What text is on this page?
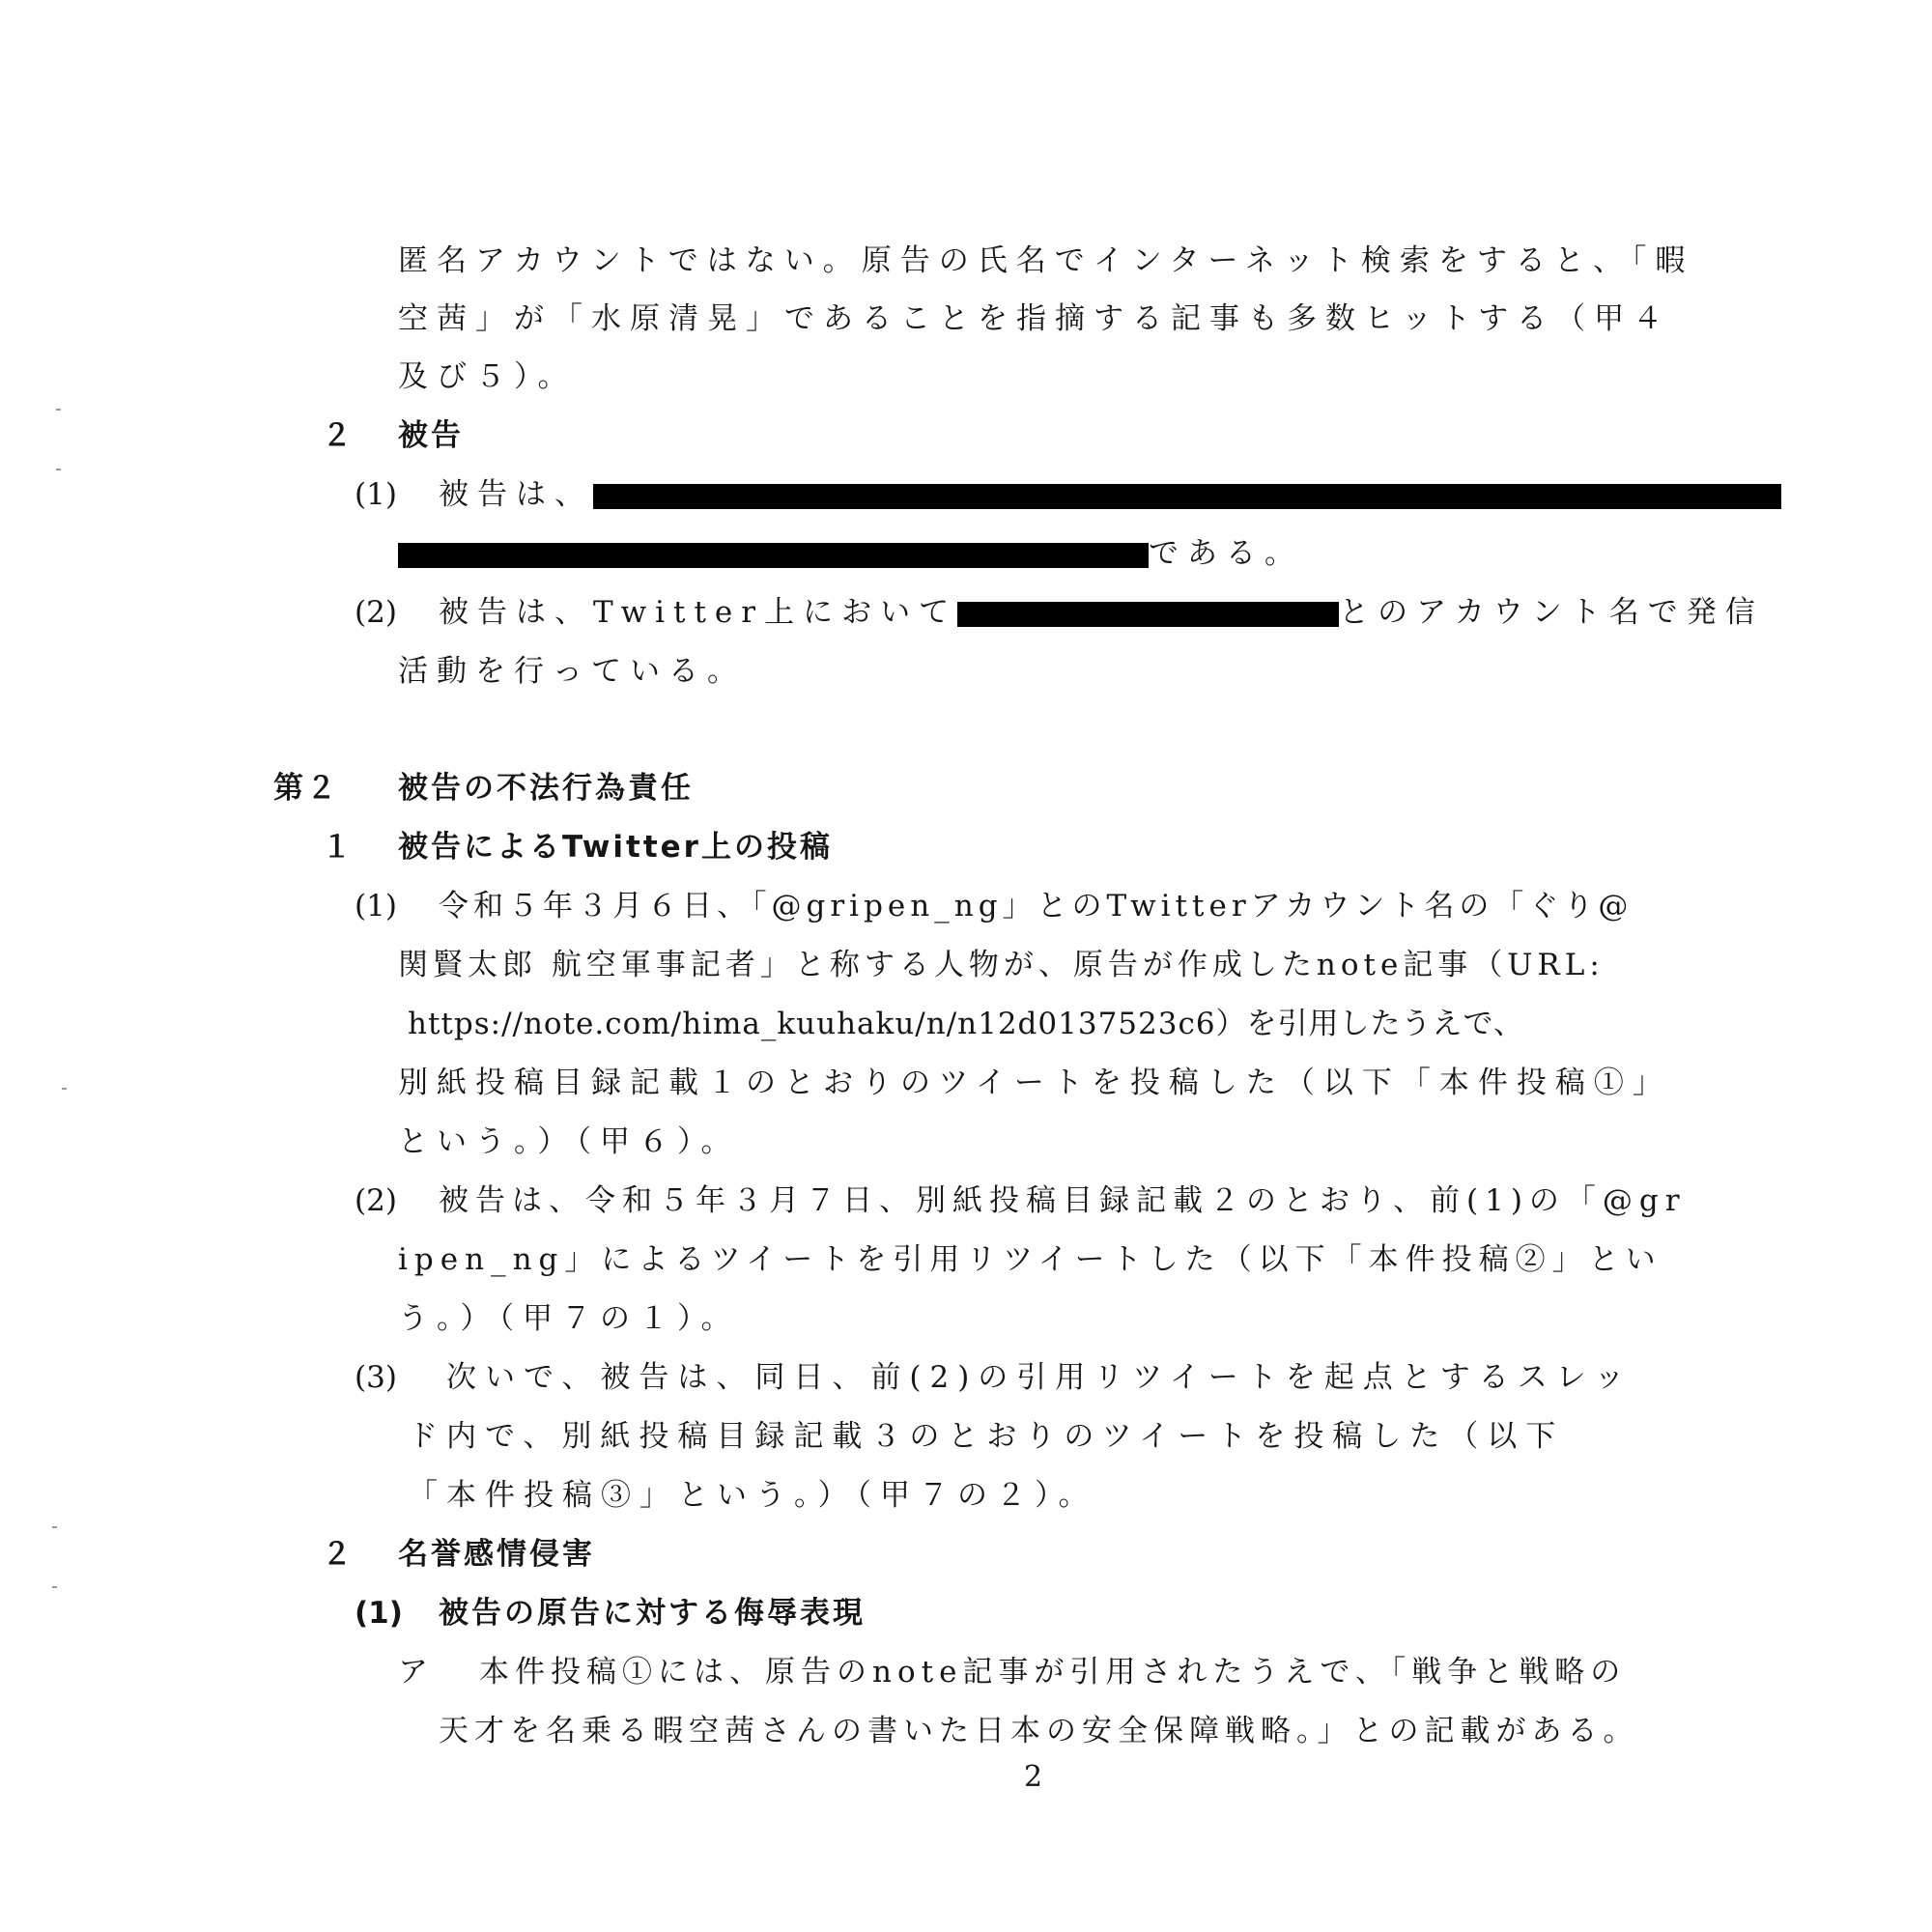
匿名アカウントではない。原告の氏名でインターネット検索をすると、「暇
空茜」が「水原清晃」であることを指摘する記事も多数ヒットする（甲４
及び５）。
２ 被告
(1) 被告は、
である。
(2) 被告は、Twitter上において	とのアカウント名で発信
活動を行っている。
第２ 被告の不法行為責任
１ 被告によるTwitter上の投稿
(1) 令和５年３月６日、「@gripen_ng」とのTwitterアカウント名の「ぐり@
関賢太郎 航空軍事記者」と称する人物が、原告が作成したnote記事（URL:
https://note.com/hima_kuuhaku/n/n12d0137523c6）を引用したうえで、
別紙投稿目録記載１のとおりのツイートを投稿した（以下「本件投稿①」
という。）（甲６）。
(2) 被告は、令和５年３月７日、別紙投稿目録記載２のとおり、前(1)の「@gr
ipen_ng」によるツイートを引用リツイートした（以下「本件投稿②」とい
う。）（甲７の１）。
(3) 次いで、被告は、同日、前(2)の引用リツイートを起点とするスレッ
ド内で、別紙投稿目録記載３のとおりのツイートを投稿した（以下
「本件投稿③」という。）（甲７の２）。
２ 名誉感情侵害
(1) 被告の原告に対する侮辱表現
ア 本件投稿①には、原告のnote記事が引用されたうえで、「戦争と戦略の
天才を名乗る暇空茜さんの書いた日本の安全保障戦略。」との記載がある。
2
